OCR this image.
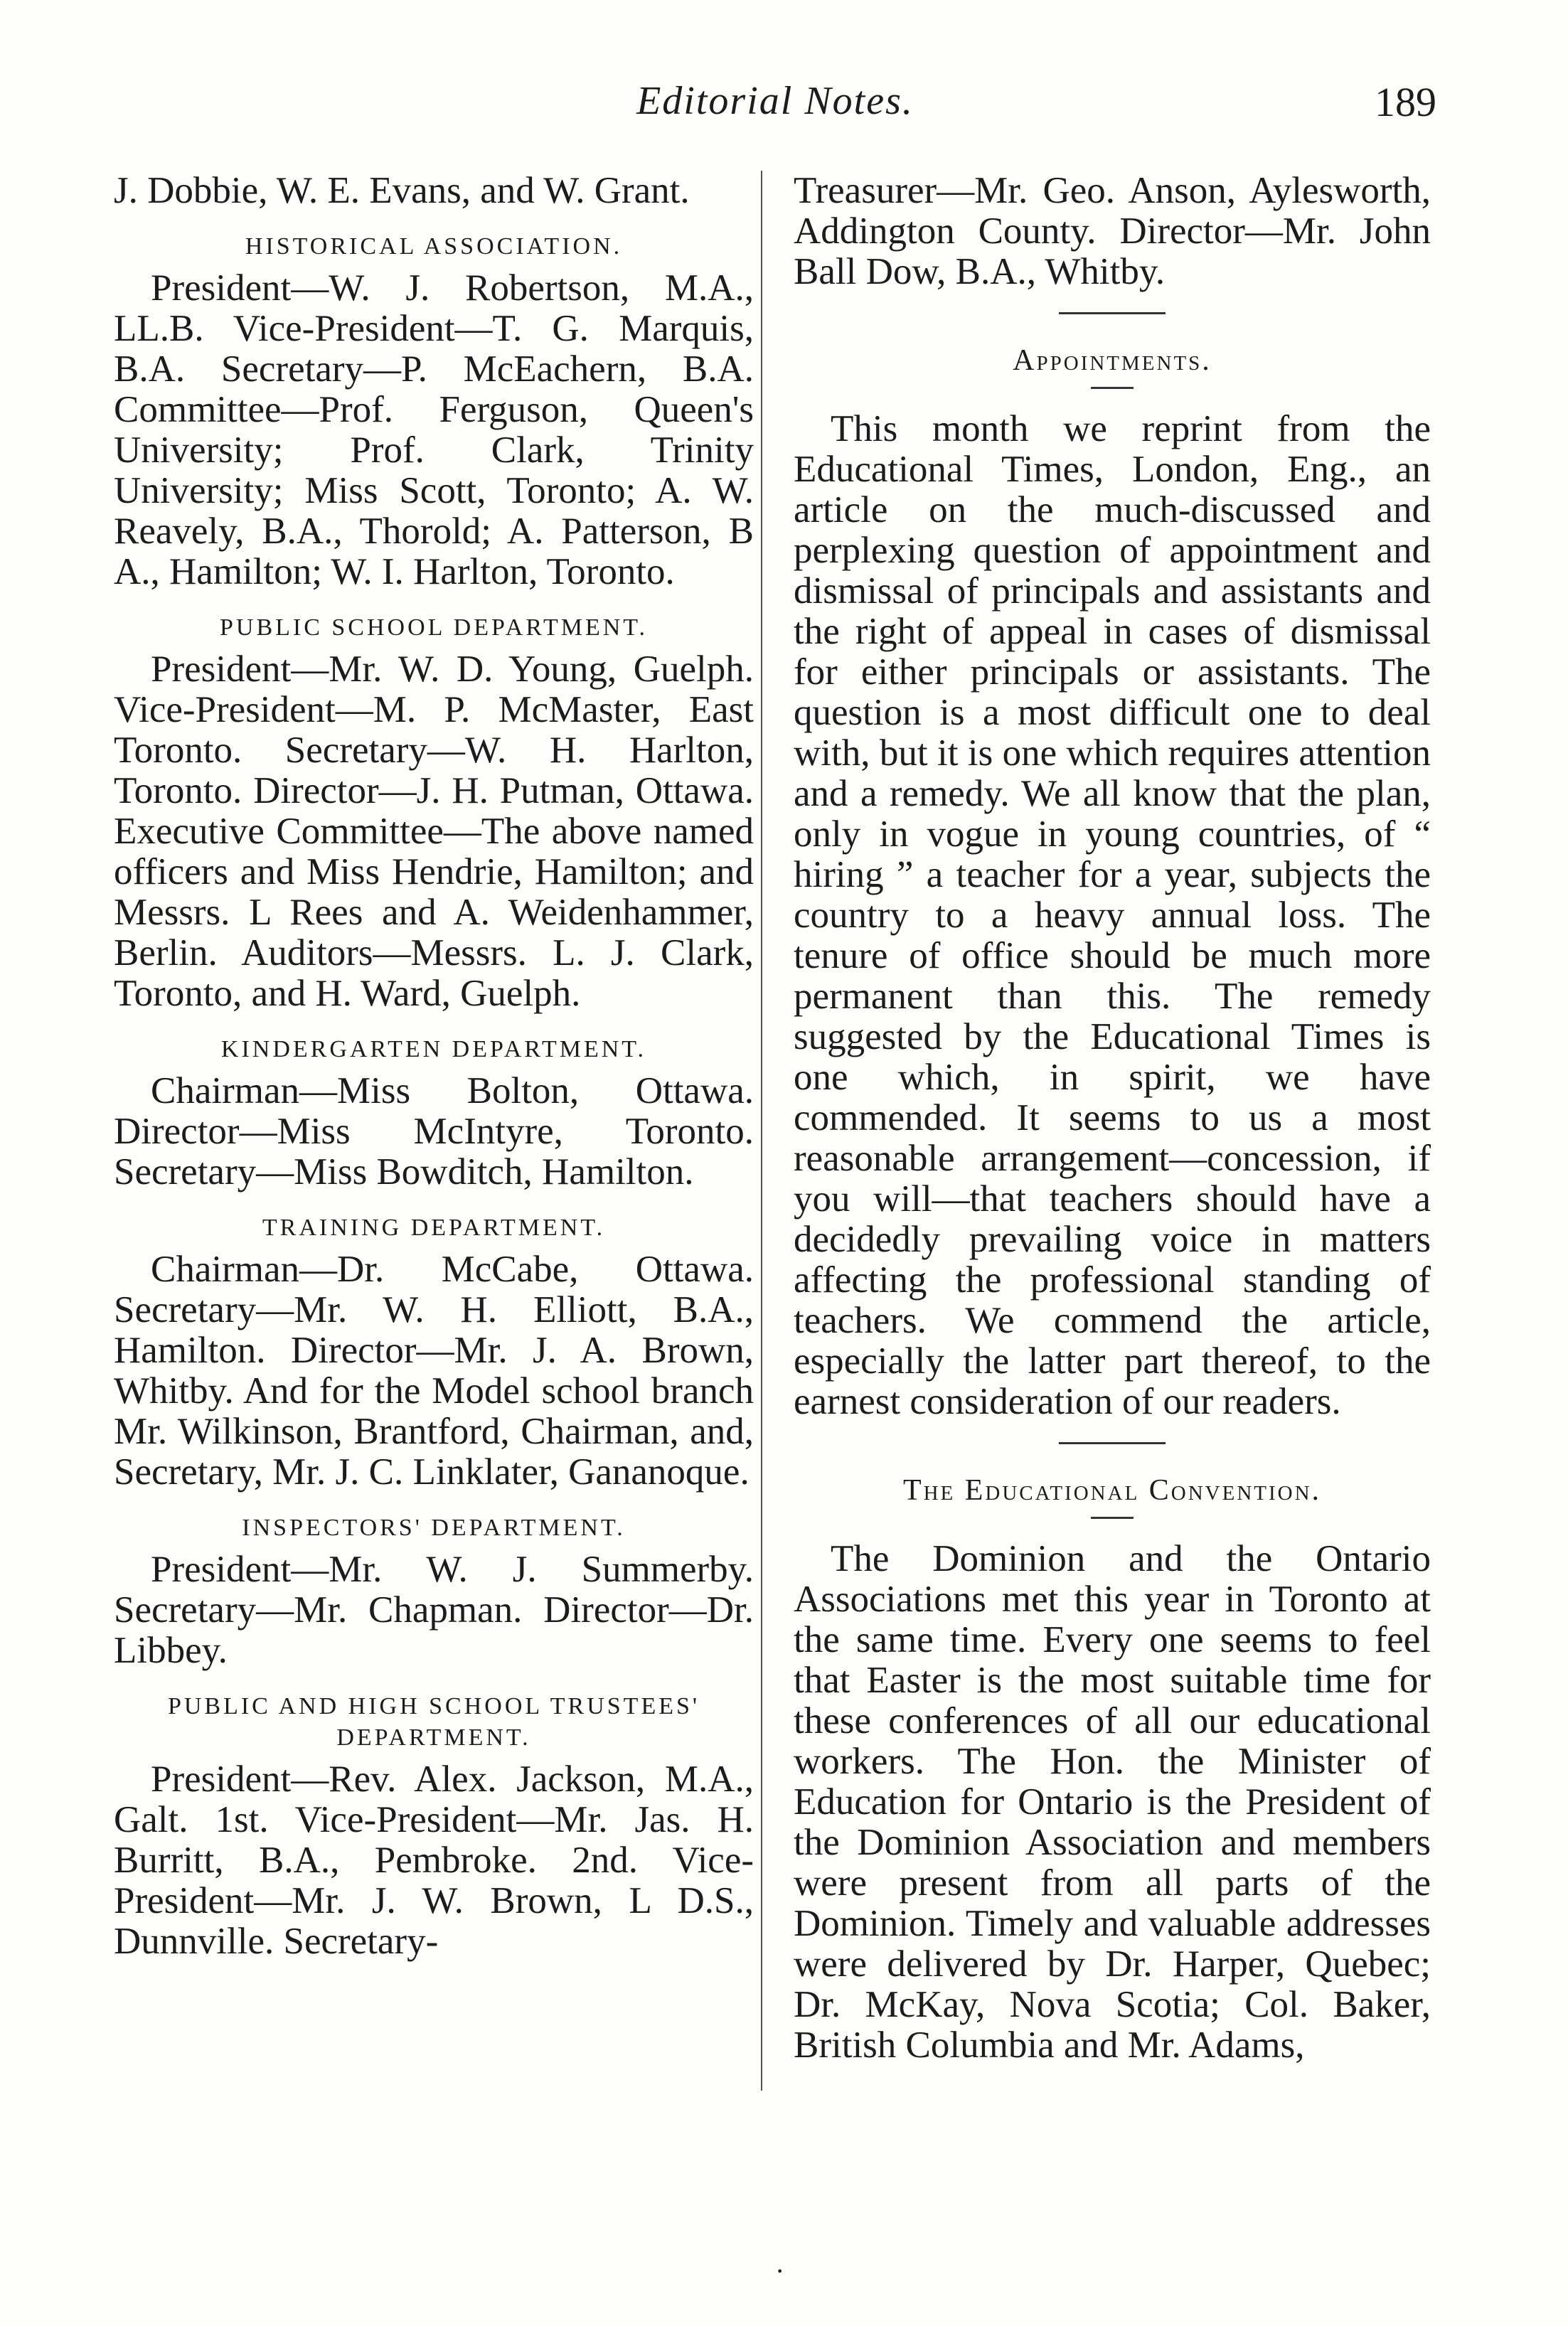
Editorial Notes.	189

J. Dobbie, W. E. Evans, and W. Grant.

HISTORICAL ASSOCIATION.

President—W. J. Robertson, M.A., LL.B. Vice-President—T. G. Marquis, B.A. Secretary—P. McEachern, B.A. Committee—Prof. Ferguson, Queen's University; Prof. Clark, Trinity University; Miss Scott, Toronto; A. W. Reavely, B.A., Thorold; A. Patterson, B A., Hamilton; W. I. Harlton, Toronto.

PUBLIC SCHOOL DEPARTMENT.

President—Mr. W. D. Young, Guelph. Vice-President—M. P. McMaster, East Toronto. Secretary—W. H. Harlton, Toronto. Director—J. H. Putman, Ottawa. Executive Committee—The above named officers and Miss Hendrie, Hamilton; and Messrs. L Rees and A. Weidenhammer, Berlin. Auditors—Messrs. L. J. Clark, Toronto, and H. Ward, Guelph.

KINDERGARTEN DEPARTMENT.

Chairman—Miss Bolton, Ottawa. Director—Miss McIntyre, Toronto. Secretary—Miss Bowditch, Hamilton.

TRAINING DEPARTMENT.

Chairman—Dr. McCabe, Ottawa. Secretary—Mr. W. H. Elliott, B.A., Hamilton. Director—Mr. J. A. Brown, Whitby. And for the Model school branch Mr. Wilkinson, Brantford, Chairman, and, Secretary, Mr. J. C. Linklater, Gananoque.

INSPECTORS' DEPARTMENT.

President—Mr. W. J. Summerby. Secretary—Mr. Chapman. Director—Dr. Libbey.

PUBLIC AND HIGH SCHOOL TRUSTEES' DEPARTMENT.

President—Rev. Alex. Jackson, M.A., Galt. 1st. Vice-President—Mr. Jas. H. Burritt, B.A., Pembroke. 2nd. Vice-President—Mr. J. W. Brown, L D.S., Dunnville. Secretary-

Treasurer—Mr. Geo. Anson, Aylesworth, Addington County. Director—Mr. John Ball Dow, B.A., Whitby.

Appointments.

This month we reprint from the Educational Times, London, Eng., an article on the much-discussed and perplexing question of appointment and dismissal of principals and assistants and the right of appeal in cases of dismissal for either principals or assistants. The question is a most difficult one to deal with, but it is one which requires attention and a remedy. We all know that the plan, only in vogue in young countries, of “ hiring ” a teacher for a year, subjects the country to a heavy annual loss. The tenure of office should be much more permanent than this. The remedy suggested by the Educational Times is one which, in spirit, we have commended. It seems to us a most reasonable arrangement—concession, if you will—that teachers should have a decidedly prevailing voice in matters affecting the professional standing of teachers. We commend the article, especially the latter part thereof, to the earnest consideration of our readers.

The Educational Convention.

The Dominion and the Ontario Associations met this year in Toronto at the same time. Every one seems to feel that Easter is the most suitable time for these conferences of all our educational workers. The Hon. the Minister of Education for Ontario is the President of the Dominion Association and members were present from all parts of the Dominion. Timely and valuable addresses were delivered by Dr. Harper, Quebec; Dr. McKay, Nova Scotia; Col. Baker, British Columbia and Mr. Adams,

·
